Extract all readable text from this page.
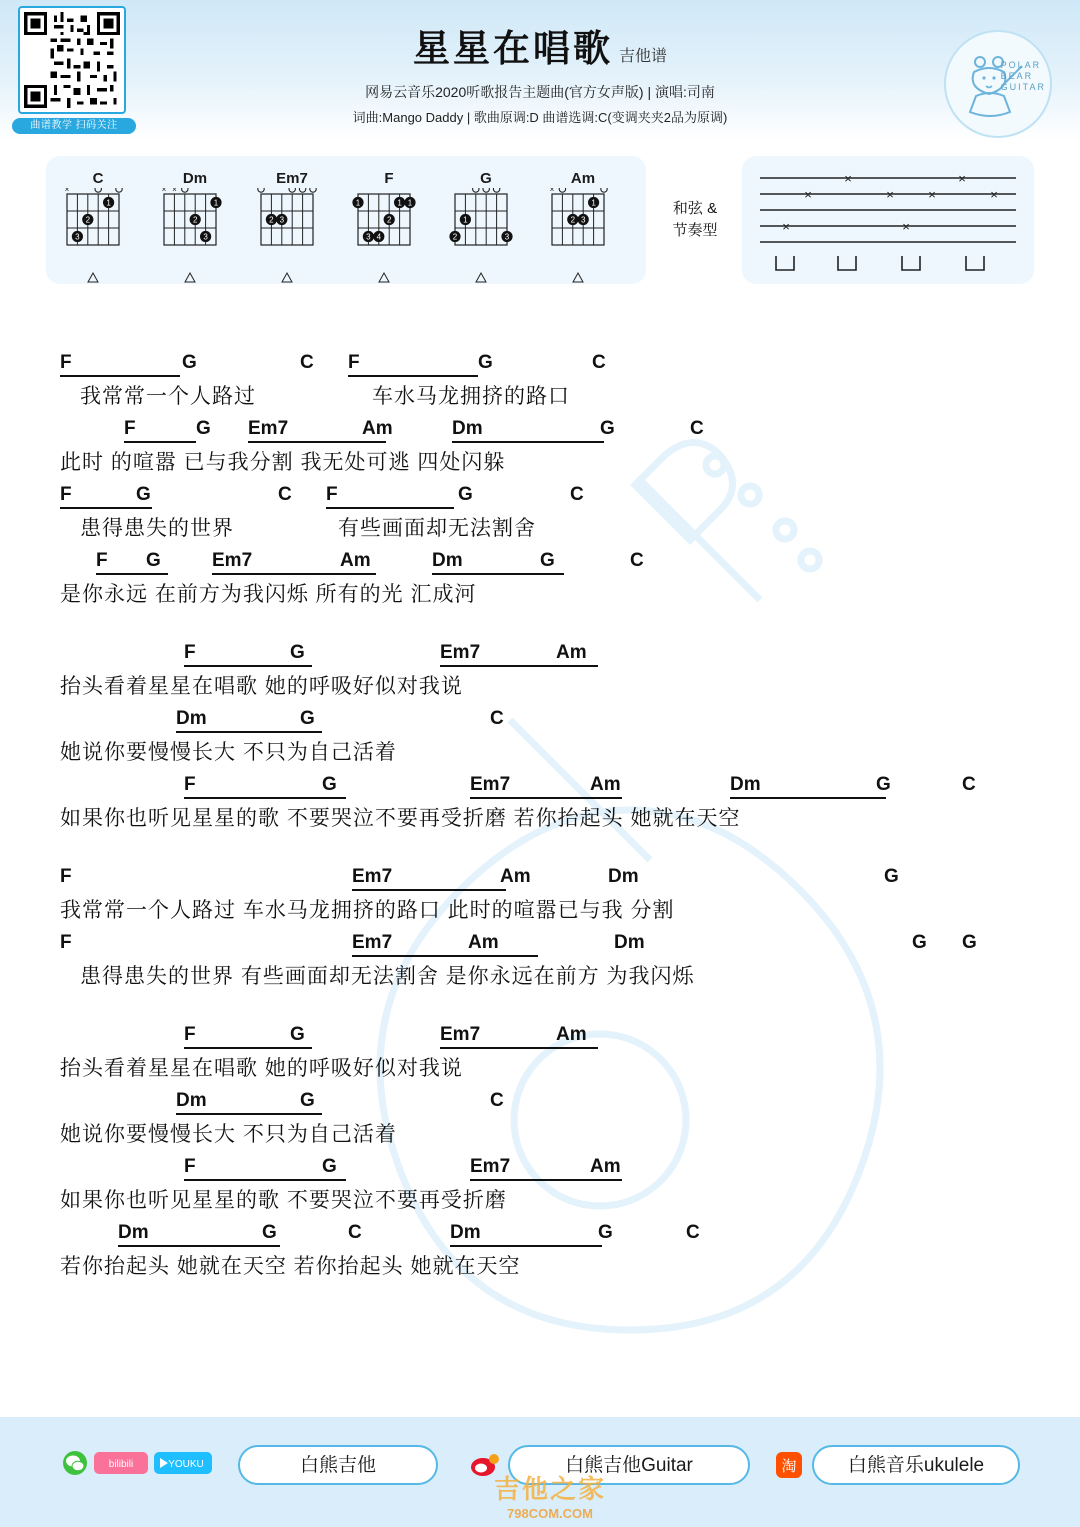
曲谱教学 扫码关注
星星在唱歌 吉他谱
网易云音乐2020听歌报告主题曲(官方女声版) | 演唱:司南
词曲:Mango Daddy | 歌曲原调:D 曲谱选调:C(变调夹夹2品为原调)
POLAR
BEAR
GUITAR
C
×
1
2
3
Dm
×
×
1
2
3
Em7
2 3
F
1
1
1
2
3 4
G
1
2	3
Am
×
1
2 3
和弦 &
节奏型
×	×
×	×	×	×
×	×
F	G	C F	G	C
我常常一个人路过	车水马龙拥挤的路口
F	G Em7	Am	Dm	G	C
此时 的喧嚣 已与我分割 我无处可逃 四处闪躲
F	G	C F	G	C
患得患失的世界	有些画面却无法割舍
F	G	Em7	Am	Dm	G	C
是你永远 在前方为我闪烁 所有的光 汇成河
F	G	Em7	Am
抬头看着星星在唱歌 她的呼吸好似对我说
Dm	G	C
她说你要慢慢长大 不只为自己活着
F	G	Em7	Am	Dm	G	C
如果你也听见星星的歌 不要哭泣不要再受折磨 若你抬起头 她就在天空
F	Em7	Am	Dm	G
我常常一个人路过 车水马龙拥挤的路口 此时的喧嚣已与我 分割
F	Em7	Am	Dm	G G
患得患失的世界 有些画面却无法割舍 是你永远在前方 为我闪烁
F	G	Em7	Am
抬头看着星星在唱歌 她的呼吸好似对我说
Dm	G	C
她说你要慢慢长大 不只为自己活着
F	G	Em7	Am
如果你也听见星星的歌 不要哭泣不要再受折磨
Dm	G	C	Dm	G	C
若你抬起头 她就在天空 若你抬起头 她就在天空
bilibili	YOUKU	白熊吉他	白熊吉他Guitar	淘	白熊音乐ukulele
吉他之家
798COM.COM
